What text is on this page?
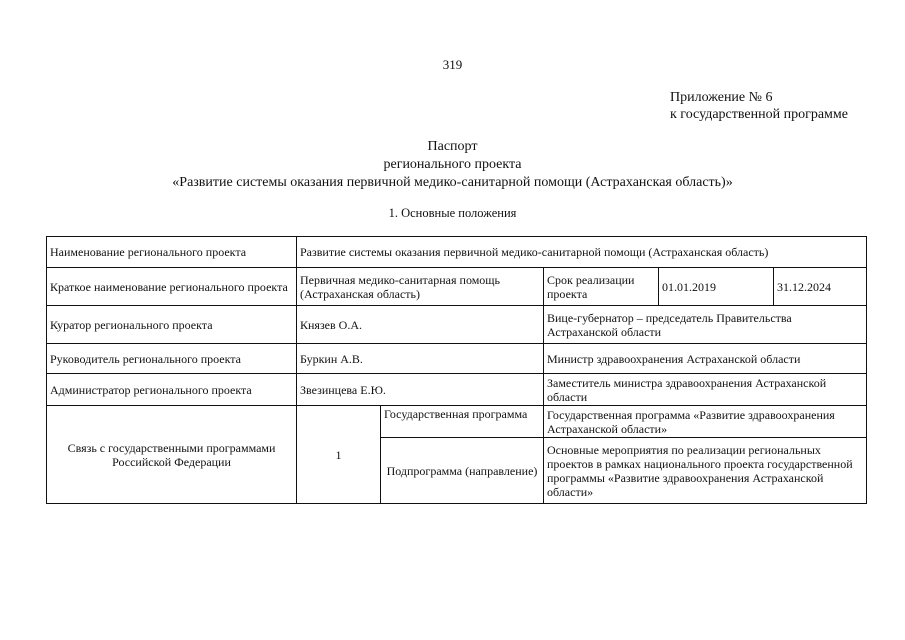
319
Приложение № 6
к государственной программе
Паспорт
регионального проекта
«Развитие системы оказания первичной медико-санитарной помощи (Астраханская область)»
1. Основные положения
Наименование регионального проекта	Развитие системы оказания первичной медико-санитарной помощи (Астраханская область)				
Краткое наименование регионального проекта	Первичная медико-санитарная помощь (Астраханская область)		Срок реализации проекта	01.01.2019	31.12.2024
Куратор регионального проекта	Князев О.А.		Вице-губернатор – председатель Правительства Астраханской области		
Руководитель регионального проекта	Буркин А.В.		Министр здравоохранения Астраханской области		
Администратор регионального проекта	Звезинцева Е.Ю.		Заместитель министра здравоохранения Астраханской области		
Связь с государственными программами Российской Федерации	1	Государственная программа	Государственная программа «Развитие здравоохранения Астраханской области»		
		Подпрограмма (направление)	Основные мероприятия по реализации региональных проектов в рамках национального проекта государственной программы «Развитие здравоохранения Астраханской области»		
